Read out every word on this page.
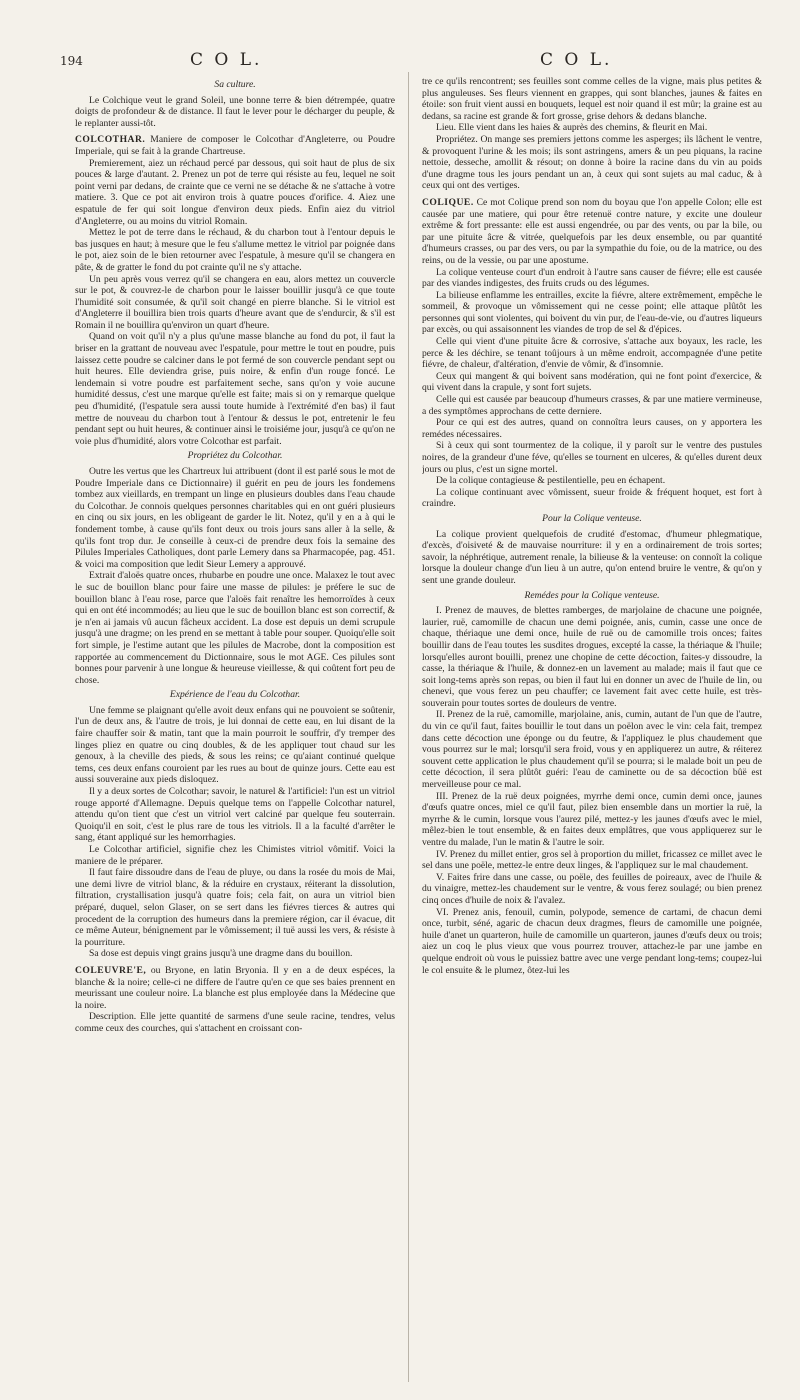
194	C O L.	C O L.

Sa culture.

Le Colchique veut le grand Soleil, une bonne terre & bien détrempée, quatre doigts de profondeur & de distance. Il faut le lever pour le décharger du peuple, & le replanter aussi-tôt.

COLCOTHAR. Maniere de composer le Colcothar d'Angleterre, ou Poudre Imperiale, qui se fait à la grande Chartreuse.

Premierement, aiez un réchaud percé par dessous, qui soit haut de plus de six pouces & large d'autant. 2. Prenez un pot de terre qui résiste au feu, lequel ne soit point verni par dedans, de crainte que ce verni ne se détache & ne s'attache à votre matiere. 3. Que ce pot ait environ trois à quatre pouces d'orifice. 4. Aiez une espatule de fer qui soit longue d'environ deux pieds. Enfin aiez du vitriol d'Angleterre, ou au moins du vitriol Romain.

Mettez le pot de terre dans le réchaud, & du charbon tout à l'entour depuis le bas jusques en haut; à mesure que le feu s'allume mettez le vitriol par poignée dans le pot, aiez soin de le bien retourner avec l'espatule, à mesure qu'il se changera en pâte, & de gratter le fond du pot crainte qu'il ne s'y attache.

Un peu après vous verrez qu'il se changera en eau, alors mettez un couvercle sur le pot, & couvrez-le de charbon pour le laisser bouillir jusqu'à ce que toute l'humidité soit consumée, & qu'il soit changé en pierre blanche. Si le vitriol est d'Angleterre il bouillira bien trois quarts d'heure avant que de s'endurcir, & s'il est Romain il ne bouillira qu'environ un quart d'heure.

Quand on voit qu'il n'y a plus qu'une masse blanche au fond du pot, il faut la briser en la grattant de nouveau avec l'espatule, pour mettre le tout en poudre, puis laissez cette poudre se calciner dans le pot fermé de son couvercle pendant sept ou huit heures. Elle deviendra grise, puis noire, & enfin d'un rouge foncé. Le lendemain si votre poudre est parfaitement seche, sans qu'on y voie aucune humidité dessus, c'est une marque qu'elle est faite; mais si on y remarque quelque peu d'humidité, (l'espatule sera aussi toute humide à l'extrémité d'en bas) il faut mettre de nouveau du charbon tout à l'entour & dessus le pot, entretenir le feu pendant sept ou huit heures, & continuer ainsi le troisiéme jour, jusqu'à ce qu'on ne voie plus d'humidité, alors votre Colcothar est parfait.

Propriétez du Colcothar.

Outre les vertus que les Chartreux lui attribuent (dont il est parlé sous le mot de Poudre Imperiale dans ce Dictionnaire) il guérit en peu de jours les fondemens tombez aux vieillards, en trempant un linge en plusieurs doubles dans l'eau chaude du Colcothar. Je connois quelques personnes charitables qui en ont guéri plusieurs en cinq ou six jours, en les obligeant de garder le lit. Notez, qu'il y en a à qui le fondement tombe, à cause qu'ils font deux ou trois jours sans aller à la selle, & qu'ils font trop dur. Je conseille à ceux-ci de prendre deux fois la semaine des Pilules Imperiales Catholiques, dont parle Lemery dans sa Pharmacopée, pag. 451. & voici ma composition que ledit Sieur Lemery a approuvé.

Extrait d'aloës quatre onces, rhubarbe en poudre une once. Malaxez le tout avec le suc de bouillon blanc pour faire une masse de pilules: je préfere le suc de bouillon blanc à l'eau rose, parce que l'aloës fait renaître les hemorroïdes à ceux qui en ont été incommodés; au lieu que le suc de bouillon blanc est son correctif, & je n'en ai jamais vû aucun fâcheux accident. La dose est depuis un demi scrupule jusqu'à une dragme; on les prend en se mettant à table pour souper. Quoiqu'elle soit fort simple, je l'estime autant que les pilules de Macrobe, dont la composition est rapportée au commencement du Dictionnaire, sous le mot AGE. Ces pilules sont bonnes pour parvenir à une longue & heureuse vieillesse, & qui coûtent fort peu de chose.

Expérience de l'eau du Colcothar.

Une femme se plaignant qu'elle avoit deux enfans qui ne pouvoient se soûtenir, l'un de deux ans, & l'autre de trois, je lui donnai de cette eau, en lui disant de la faire chauffer soir & matin, tant que la main pourroit le souffrir, d'y tremper des linges pliez en quatre ou cinq doubles, & de les appliquer tout chaud sur les genoux, à la cheville des pieds, & sous les reins; ce qu'aiant continué quelque tems, ces deux enfans couroient par les rues au bout de quinze jours. Cette eau est aussi souveraine aux pieds disloquez.

Il y a deux sortes de Colcothar; savoir, le naturel & l'artificiel: l'un est un vitriol rouge apporté d'Allemagne. Depuis quelque tems on l'appelle Colcothar naturel, attendu qu'on tient que c'est un vitriol vert calciné par quelque feu souterrain. Quoiqu'il en soit, c'est le plus rare de tous les vitriols. Il a la faculté d'arrêter le sang, étant appliqué sur les hemorrhagies.

Le Colcothar artificiel, signifie chez les Chimistes vitriol vômitif. Voici la maniere de le préparer.

Il faut faire dissoudre dans de l'eau de pluye, ou dans la rosée du mois de Mai, une demi livre de vitriol blanc, & la réduire en crystaux, réiterant la dissolution, filtration, crystallisation jusqu'à quatre fois; cela fait, on aura un vitriol bien préparé, duquel, selon Glaser, on se sert dans les fiévres tierces & autres qui procedent de la corruption des humeurs dans la premiere région, car il évacue, dit ce même Auteur, bénignement par le vômissement; il tuë aussi les vers, & résiste à la pourriture.

Sa dose est depuis vingt grains jusqu'à une dragme dans du bouillon.

COLEUVRE'E, ou Bryone, en latin Bryonia. Il y en a de deux espéces, la blanche & la noire; celle-ci ne differe de l'autre qu'en ce que ses baies prennent en meurissant une couleur noire. La blanche est plus employée dans la Médecine que la noire.

Description. Elle jette quantité de sarmens d'une seule racine, tendres, velus comme ceux des courches, qui s'attachent en croissant con-

tre ce qu'ils rencontrent; ses feuilles sont comme celles de la vigne, mais plus petites & plus anguleuses. Ses fleurs viennent en grappes, qui sont blanches, jaunes & faites en étoile: son fruit vient aussi en bouquets, lequel est noir quand il est mûr; la graine est au dedans, sa racine est grande & fort grosse, grise dehors & dedans blanche.

Lieu. Elle vient dans les haies & auprès des chemins, & fleurit en Mai.

Propriétez. On mange ses premiers jettons comme les asperges; ils lâchent le ventre, & provoquent l'urine & les mois; ils sont astringens, amers & un peu piquans, la racine nettoie, desseche, amollit & résout; on donne à boire la racine dans du vin au poids d'une dragme tous les jours pendant un an, à ceux qui sont sujets au mal caduc, & à ceux qui ont des vertiges.

COLIQUE. Ce mot Colique prend son nom du boyau que l'on appelle Colon; elle est causée par une matiere, qui pour être retenuë contre nature, y excite une douleur extrême & fort pressante: elle est aussi engendrée, ou par des vents, ou par la bile, ou par une pituite âcre & vitrée, quelquefois par les deux ensemble, ou par quantité d'humeurs crasses, ou par des vers, ou par la sympathie du foie, ou de la matrice, ou des reins, ou de la vessie, ou par une apostume.

La colique venteuse court d'un endroit à l'autre sans causer de fiévre; elle est causée par des viandes indigestes, des fruits cruds ou des légumes.

La bilieuse enflamme les entrailles, excite la fiévre, altere extrêmement, empêche le sommeil, & provoque un vômissement qui ne cesse point; elle attaque plûtôt les personnes qui sont violentes, qui boivent du vin pur, de l'eau-de-vie, ou d'autres liqueurs par excès, ou qui assaisonnent les viandes de trop de sel & d'épices.

Celle qui vient d'une pituite âcre & corrosive, s'attache aux boyaux, les racle, les perce & les déchire, se tenant toûjours à un même endroit, accompagnée d'une petite fiévre, de chaleur, d'altération, d'envie de vômir, & d'insomnie.

Ceux qui mangent & qui boivent sans modération, qui ne font point d'exercice, & qui vivent dans la crapule, y sont fort sujets.

Celle qui est causée par beaucoup d'humeurs crasses, & par une matiere vermineuse, a des symptômes approchans de cette derniere.

Pour ce qui est des autres, quand on connoîtra leurs causes, on y apportera les remédes nécessaires.

Si à ceux qui sont tourmentez de la colique, il y paroît sur le ventre des pustules noires, de la grandeur d'une féve, qu'elles se tournent en ulceres, & qu'elles durent deux jours ou plus, c'est un signe mortel.

De la colique contagieuse & pestilentielle, peu en échapent.

La colique continuant avec vômissent, sueur froide & fréquent hoquet, est fort à craindre.

Pour la Colique venteuse.

La colique provient quelquefois de crudité d'estomac, d'humeur phlegmatique, d'excès, d'oisiveté & de mauvaise nourriture: il y en a ordinairement de trois sortes; savoir, la néphrétique, autrement renale, la bilieuse & la venteuse: on connoît la colique lorsque la douleur change d'un lieu à un autre, qu'on entend bruire le ventre, & qu'on y sent une grande douleur.

Remédes pour la Colique venteuse.

I. Prenez de mauves, de blettes ramberges, de marjolaine de chacune une poignée, laurier, ruë, camomille de chacun une demi poignée, anis, cumin, casse une once de chaque, thériaque une demi once, huile de ruë ou de camomille trois onces; faites bouillir dans de l'eau toutes les susdites drogues, excepté la casse, la thériaque & l'huile; lorsqu'elles auront bouilli, prenez une chopine de cette décoction, faites-y dissoudre, la casse, la thériaque & l'huile, & donnez-en un lavement au malade; mais il faut que ce soit long-tems après son repas, ou bien il faut lui en donner un avec de l'huile de lin, ou chenevi, que vous ferez un peu chauffer; ce lavement fait avec cette huile, est très-souverain pour toutes sortes de douleurs de ventre.

II. Prenez de la ruë, camomille, marjolaine, anis, cumin, autant de l'un que de l'autre, du vin ce qu'il faut, faites bouillir le tout dans un poëlon avec le vin: cela fait, trempez dans cette décoction une éponge ou du feutre, & l'appliquez le plus chaudement que vous pourrez sur le mal; lorsqu'il sera froid, vous y en appliquerez un autre, & réiterez souvent cette application le plus chaudement qu'il se pourra; si le malade boit un peu de cette décoction, il sera plûtôt guéri: l'eau de caminette ou de sa décoction bûë est merveilleuse pour ce mal.

III. Prenez de la ruë deux poignées, myrrhe demi once, cumin demi once, jaunes d'œufs quatre onces, miel ce qu'il faut, pilez bien ensemble dans un mortier la ruë, la myrrhe & le cumin, lorsque vous l'aurez pilé, mettez-y les jaunes d'œufs avec le miel, mêlez-bien le tout ensemble, & en faites deux emplâtres, que vous appliquerez sur le ventre du malade, l'un le matin & l'autre le soir.

IV. Prenez du millet entier, gros sel à proportion du millet, fricassez ce millet avec le sel dans une poële, mettez-le entre deux linges, & l'appliquez sur le mal chaudement.

V. Faites frire dans une casse, ou poële, des feuilles de poireaux, avec de l'huile & du vinaigre, mettez-les chaudement sur le ventre, & vous ferez soulagé; ou bien prenez cinq onces d'huile de noix & l'avalez.

VI. Prenez anis, fenouil, cumin, polypode, semence de cartami, de chacun demi once, turbit, séné, agaric de chacun deux dragmes, fleurs de camomille une poignée, huile d'anet un quarteron, huile de camomille un quarteron, jaunes d'œufs deux ou trois; aiez un coq le plus vieux que vous pourrez trouver, attachez-le par une jambe en quelque endroit où vous le puissiez battre avec une verge pendant long-tems; coupez-lui le col ensuite & le plumez, ôtez-lui les
